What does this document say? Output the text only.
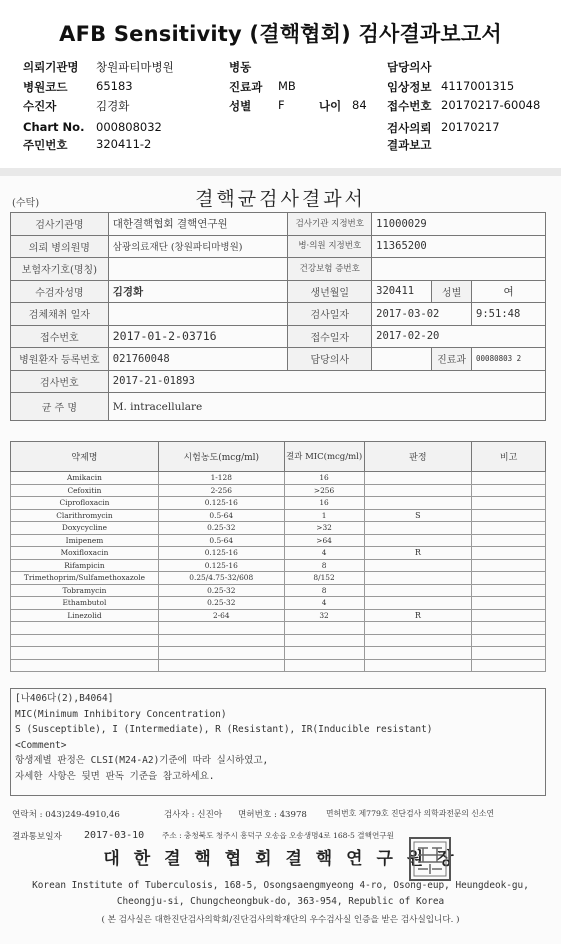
AFB Sensitivity (결핵협회) 검사결과보고서
의뢰기관명 창원파티마병원	병동	담당의사
병원코드 65183	진료과 MB	임상정보 4117001315
수진자	김경화	성별 F	나이 84 접수번호 20170217-60048
Chart No. 000808032	검사의뢰 20170217
주민번호 320411-2	결과보고
(수탁)	결핵균검사결과서
검사기관명	대한결핵협회 결핵연구원	검사기관 지정번호	11000029		
의뢰 병의원명	삼광의료재단 (창원파티마병원)	병·의원 지정번호	11365200		
보험자기호(명칭)		건강보험 증번호			
수검자성명	김경화	생년월일	320411	성별	여
검체채취 일자		검사일자	2017-03-02		9:51:48
접수번호	2017-01-2-03716	접수일자	2017-02-20		
병원환자 등록번호	021760048	담당의사		진료과	00080803 2
검사번호	2017-21-01893				
균 주 명	M. intracellulare				
약제명	시험농도(mcg/ml)	결과 MIC(mcg/ml)	판정	비고
Amikacin	1-128	16		
Cefoxitin	2-256	>256		
Ciprofloxacin	0.125-16	16		
Clarithromycin	0.5-64	1	S	
Doxycycline	0.25-32	>32		
Imipenem	0.5-64	>64		
Moxifloxacin	0.125-16	4	R	
Rifampicin	0.125-16	8		
Trimethoprim/Sulfamethoxazole	0.25/4.75-32/608	8/152		
Tobramycin	0.25-32	8		
Ethambutol	0.25-32	4		
Linezolid	2-64	32	R	

[나406다(2),B4064]
MIC(Minimum Inhibitory Concentration)
S (Susceptible), I (Intermediate), R (Resistant), IR(Inducible resistant)
<Comment>
항생제별 판정은 CLSI(M24-A2)기준에 따라 실시하였고,
자세한 사항은 뒷면 판독 기준을 참고하세요.
연락처 : 043)249-4910,46	검사자 : 신진아 면허번호 : 43978 면허번호 제779호 진단검사 의학과전문의 신소연
결과통보일자 2017-03-10 주소 : 충청북도 청주시 흥덕구 오송읍 오송생명4로 168-5 결핵연구원
대 한 결 핵 협 회 결 핵 연 구 원 장
Korean Institute of Tuberculosis, 168-5, Osongsaengmyeong 4-ro, Osong-eup, Heungdeok-gu,
Cheongju-si, Chungcheongbuk-do, 363-954, Republic of Korea
( 본 검사실은 대한진단검사의학회/진단검사의학재단의 우수검사실 인증을 받은 검사실입니다. )
